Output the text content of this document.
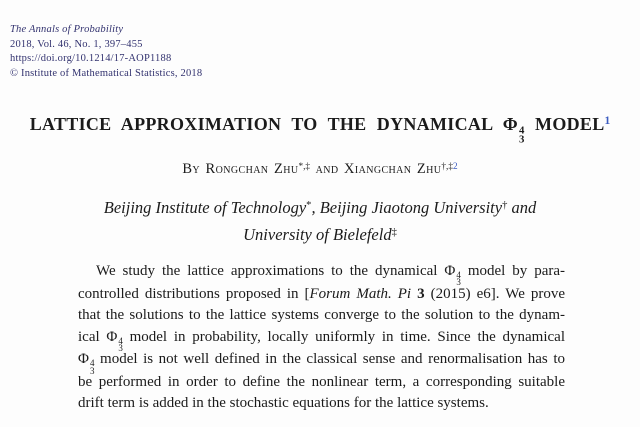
The Annals of Probability
2018, Vol. 46, No. 1, 397–455
https://doi.org/10.1214/17-AOP1188
© Institute of Mathematical Statistics, 2018
LATTICE APPROXIMATION TO THE DYNAMICAL Φ 4
3
MODEL$^1$
By Rongchan Zhu*,‡ and Xiangchan Zhu$^{\dagger,\ddagger 2}$
Beijing Institute of Technology*, Beijing Jiaotong University† and
University of Bielefeld‡
We study the lattice approximations to the dynamical Φ 4
3
model by para-
controlled distributions proposed in [Forum Math. Pi 3 (2015) e6]. We prove
that the solutions to the lattice systems converge to the solution to the dynam-
ical Φ 4
3
model in probability, locally uniformly in time. Since the dynamical
Φ 4
3
model is not well defined in the classical sense and renormalisation has to
be performed in order to define the nonlinear term, a corresponding suitable
drift term is added in the stochastic equations for the lattice systems.
